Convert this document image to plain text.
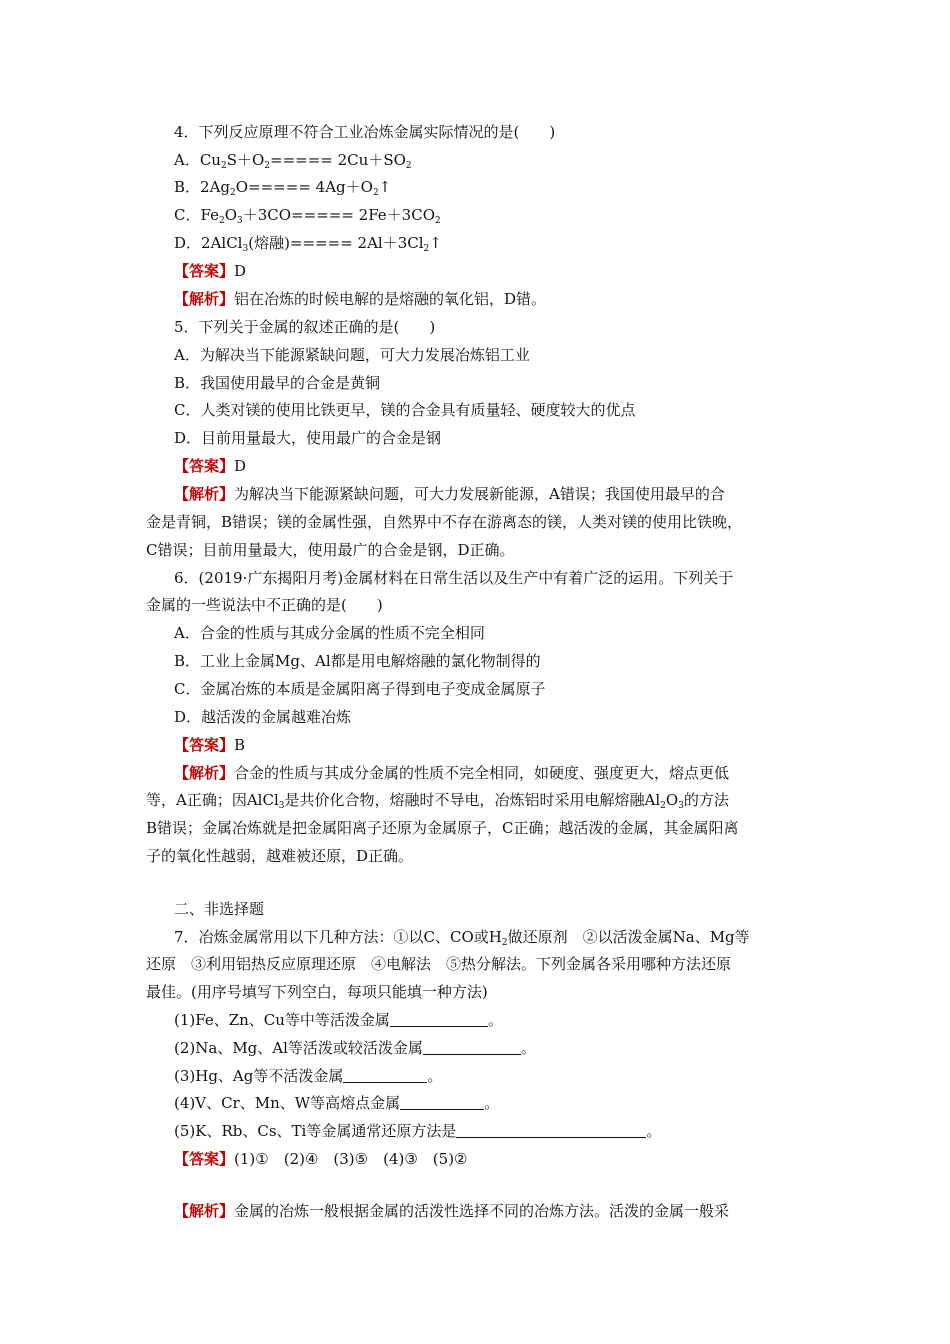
4．下列反应原理不符合工业冶炼金属实际情况的是(　　)
A．$Cu_2S+O_2===== 2Cu+SO_2$
B．$2Ag_2O=====$ $4Ag+O_2↑$
C．$Fe_2O_3+3CO===== 2Fe+3CO_2$
D．2AlCl$_3$(熔融)===== $2Al+3Cl_2↑$
【答案】D
【解析】铝在冶炼的时候电解的是熔融的氧化铝，D错。
5．下列关于金属的叙述正确的是(　　)
A．为解决当下能源紧缺问题，可大力发展冶炼铝工业
B．我国使用最早的合金是黄铜
C．人类对镁的使用比铁更早，镁的合金具有质量轻、硬度较大的优点
D．目前用量最大，使用最广的合金是钢
【答案】D
【解析】为解决当下能源紧缺问题，可大力发展新能源，A错误；我国使用最早的合
金是青铜，B错误；镁的金属性强，自然界中不存在游离态的镁，人类对镁的使用比铁晚，
C错误；目前用量最大，使用最广的合金是钢，D正确。
6．(2019·广东揭阳月考)金属材料在日常生活以及生产中有着广泛的运用。下列关于
金属的一些说法中不正确的是(　　)
A．合金的性质与其成分金属的性质不完全相同
B．工业上金属Mg、Al都是用电解熔融的氯化物制得的
C．金属冶炼的本质是金属阳离子得到电子变成金属原子
D．越活泼的金属越难冶炼
【答案】B
【解析】合金的性质与其成分金属的性质不完全相同，如硬度、强度更大，熔点更低
等，A正确；因AlCl$_3$是共价化合物，熔融时不导电，冶炼铝时采用电解熔融$Al_2O_3$的方法
B错误；金属冶炼就是把金属阳离子还原为金属原子，C正确；越活泼的金属，其金属阳离
子的氧化性越弱，越难被还原，D正确。
二、非选择题
7．冶炼金属常用以下几种方法：①以C、CO或$H_2$做还原剂　②以活泼金属Na、Mg等
还原　③利用铝热反应原理还原　④电解法　⑤热分解法。下列金属各采用哪种方法还原
最佳。(用序号填写下列空白，每项只能填一种方法)
(1)Fe、Zn、Cu等中等活泼金属	。
(2)Na、Mg、Al等活泼或较活泼金属	。
(3)Hg、Ag等不活泼金属	。
(4)V、Cr、Mn、W等高熔点金属	。
(5)K、Rb、Cs、Ti等金属通常还原方法是	。
【答案】(1)①　(2)④　(3)⑤　(4)③　(5)②
【解析】金属的冶炼一般根据金属的活泼性选择不同的冶炼方法。活泼的金属一般采
